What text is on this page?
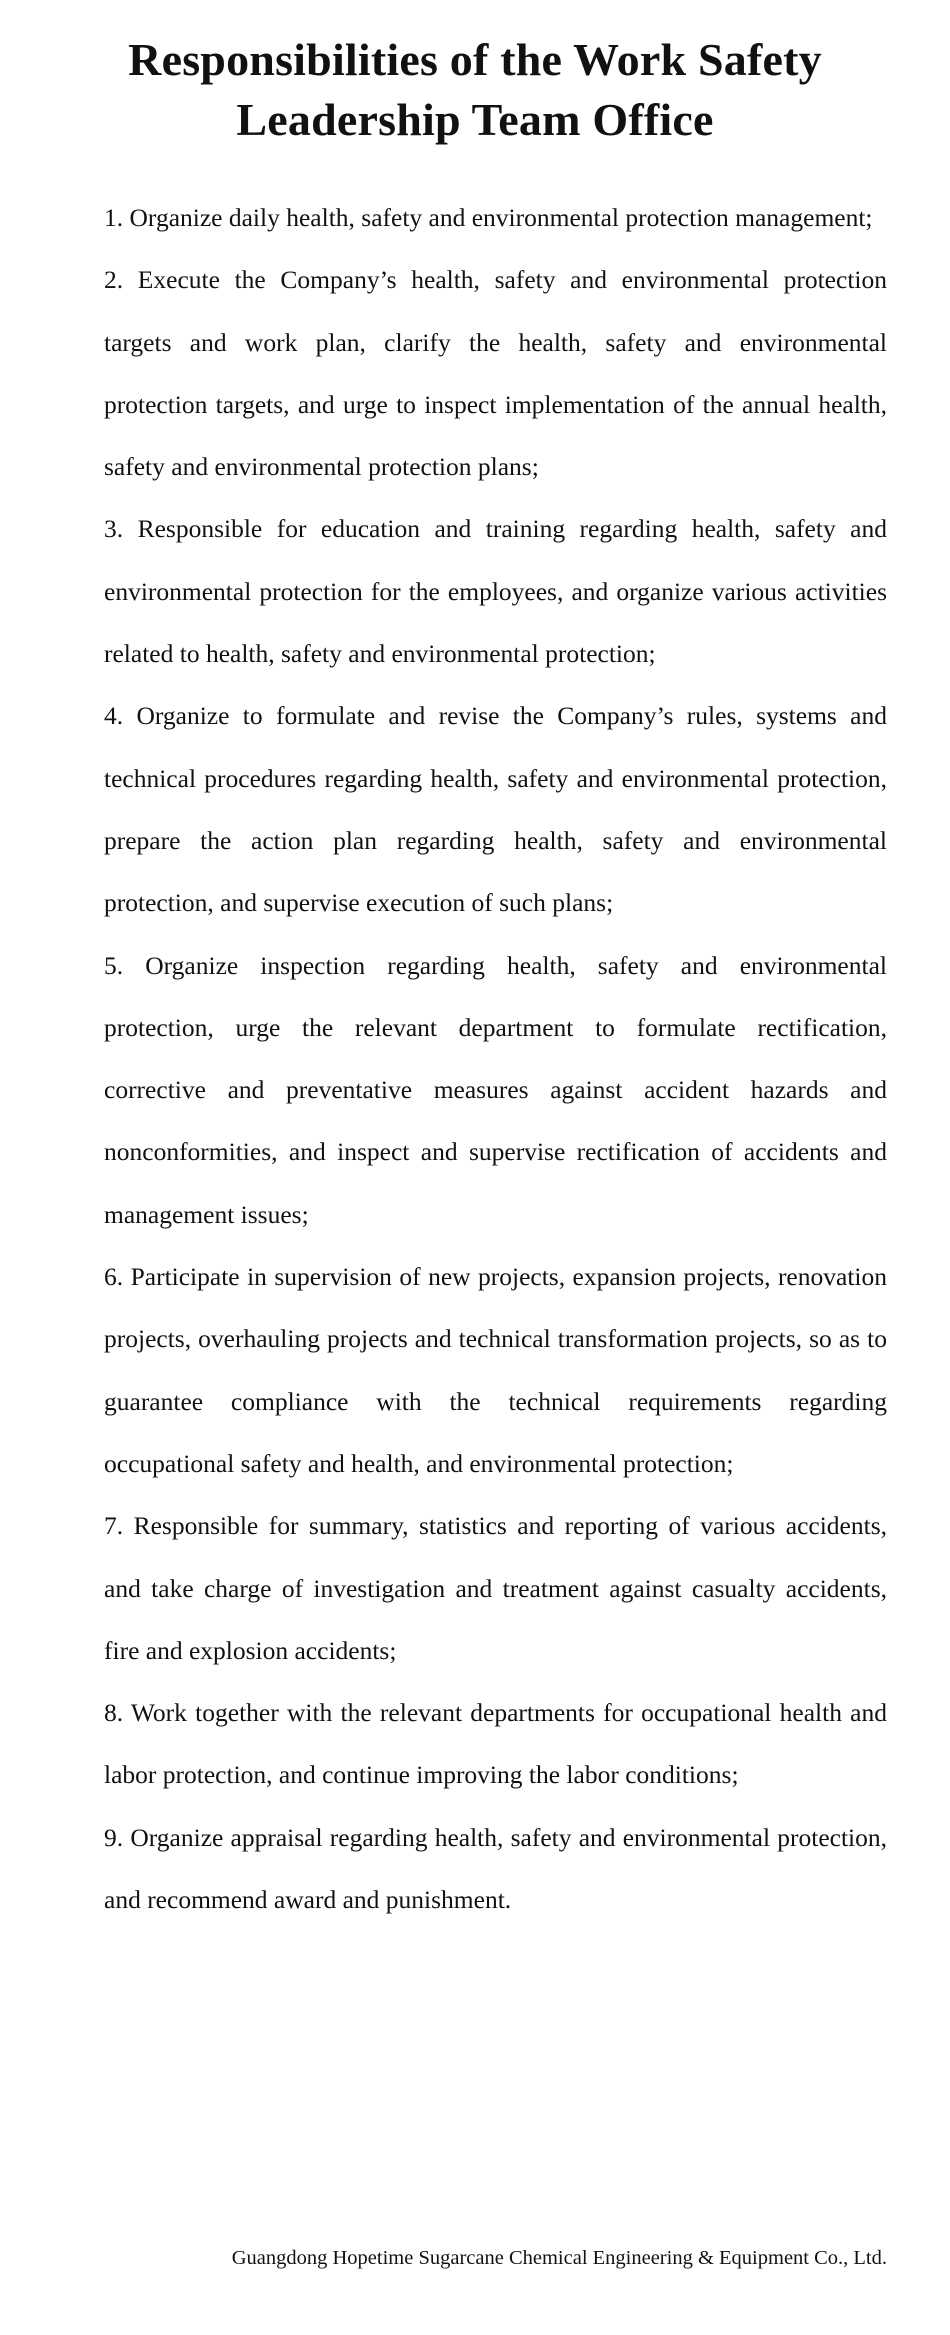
Responsibilities of the Work Safety
Leadership Team Office
1. Organize daily health, safety and environmental protection management;
2. Execute the Company’s health, safety and environmental protection targets and work plan, clarify the health, safety and environmental protection targets, and urge to inspect implementation of the annual health, safety and environmental protection plans;
3. Responsible for education and training regarding health, safety and environmental protection for the employees, and organize various activities related to health, safety and environmental protection;
4. Organize to formulate and revise the Company’s rules, systems and technical procedures regarding health, safety and environmental protection, prepare the action plan regarding health, safety and environmental protection, and supervise execution of such plans;
5. Organize inspection regarding health, safety and environmental protection, urge the relevant department to formulate rectification, corrective and preventative measures against accident hazards and nonconformities, and inspect and supervise rectification of accidents and management issues;
6. Participate in supervision of new projects, expansion projects, renovation projects, overhauling projects and technical transformation projects, so as to guarantee compliance with the technical requirements regarding occupational safety and health, and environmental protection;
7. Responsible for summary, statistics and reporting of various accidents, and take charge of investigation and treatment against casualty accidents, fire and explosion accidents;
8. Work together with the relevant departments for occupational health and labor protection, and continue improving the labor conditions;
9. Organize appraisal regarding health, safety and environmental protection, and recommend award and punishment.
Guangdong Hopetime Sugarcane Chemical Engineering & Equipment Co., Ltd.
